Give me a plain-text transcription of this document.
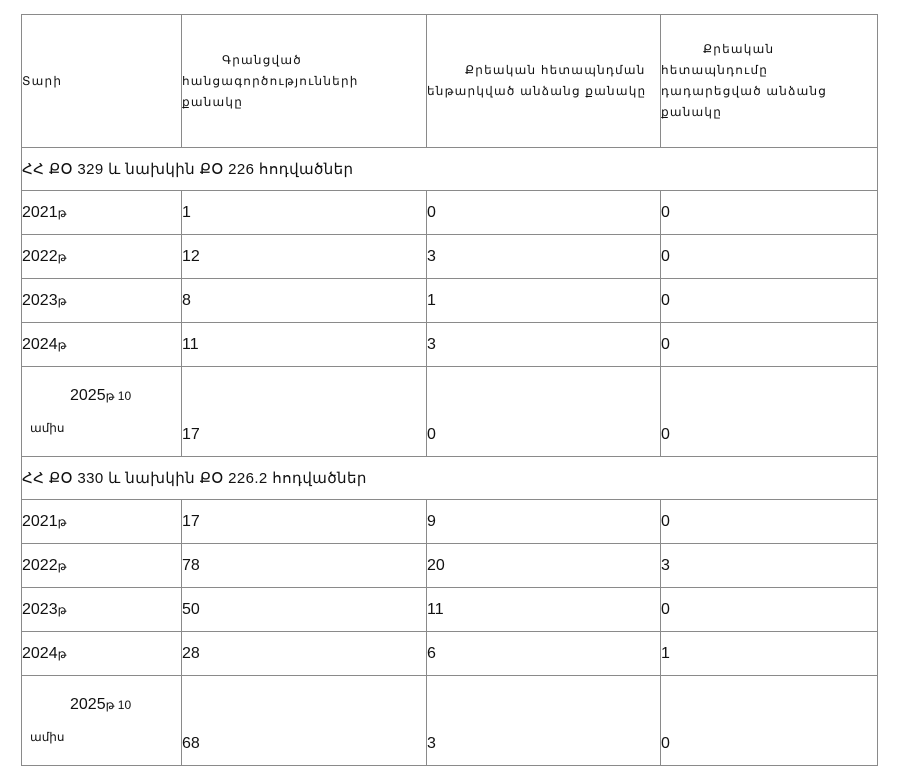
Տարի	Գրանցված
հանցագործությունների
քանակը	Քրեական հետապնդման
ենթարկված անձանց քանակը	Քրեական
հետապնդումը
դադարեցված անձանց
քանակը

ՀՀ ՔՕ 329 և նախկին ՔՕ 226 հոդվածներ			
2021թ	1	0	0
2022թ	12	3	0
2023թ	8	1	0
2024թ	11	3	0

2025թ 10
ամիս	17	0	0
ՀՀ ՔՕ 330 և նախկին ՔՕ 226.2 հոդվածներ			
2021թ	17	9	0
2022թ	78	20	3
2023թ	50	11	0
2024թ	28	6	1

2025թ 10
ամիս	68	3	0
